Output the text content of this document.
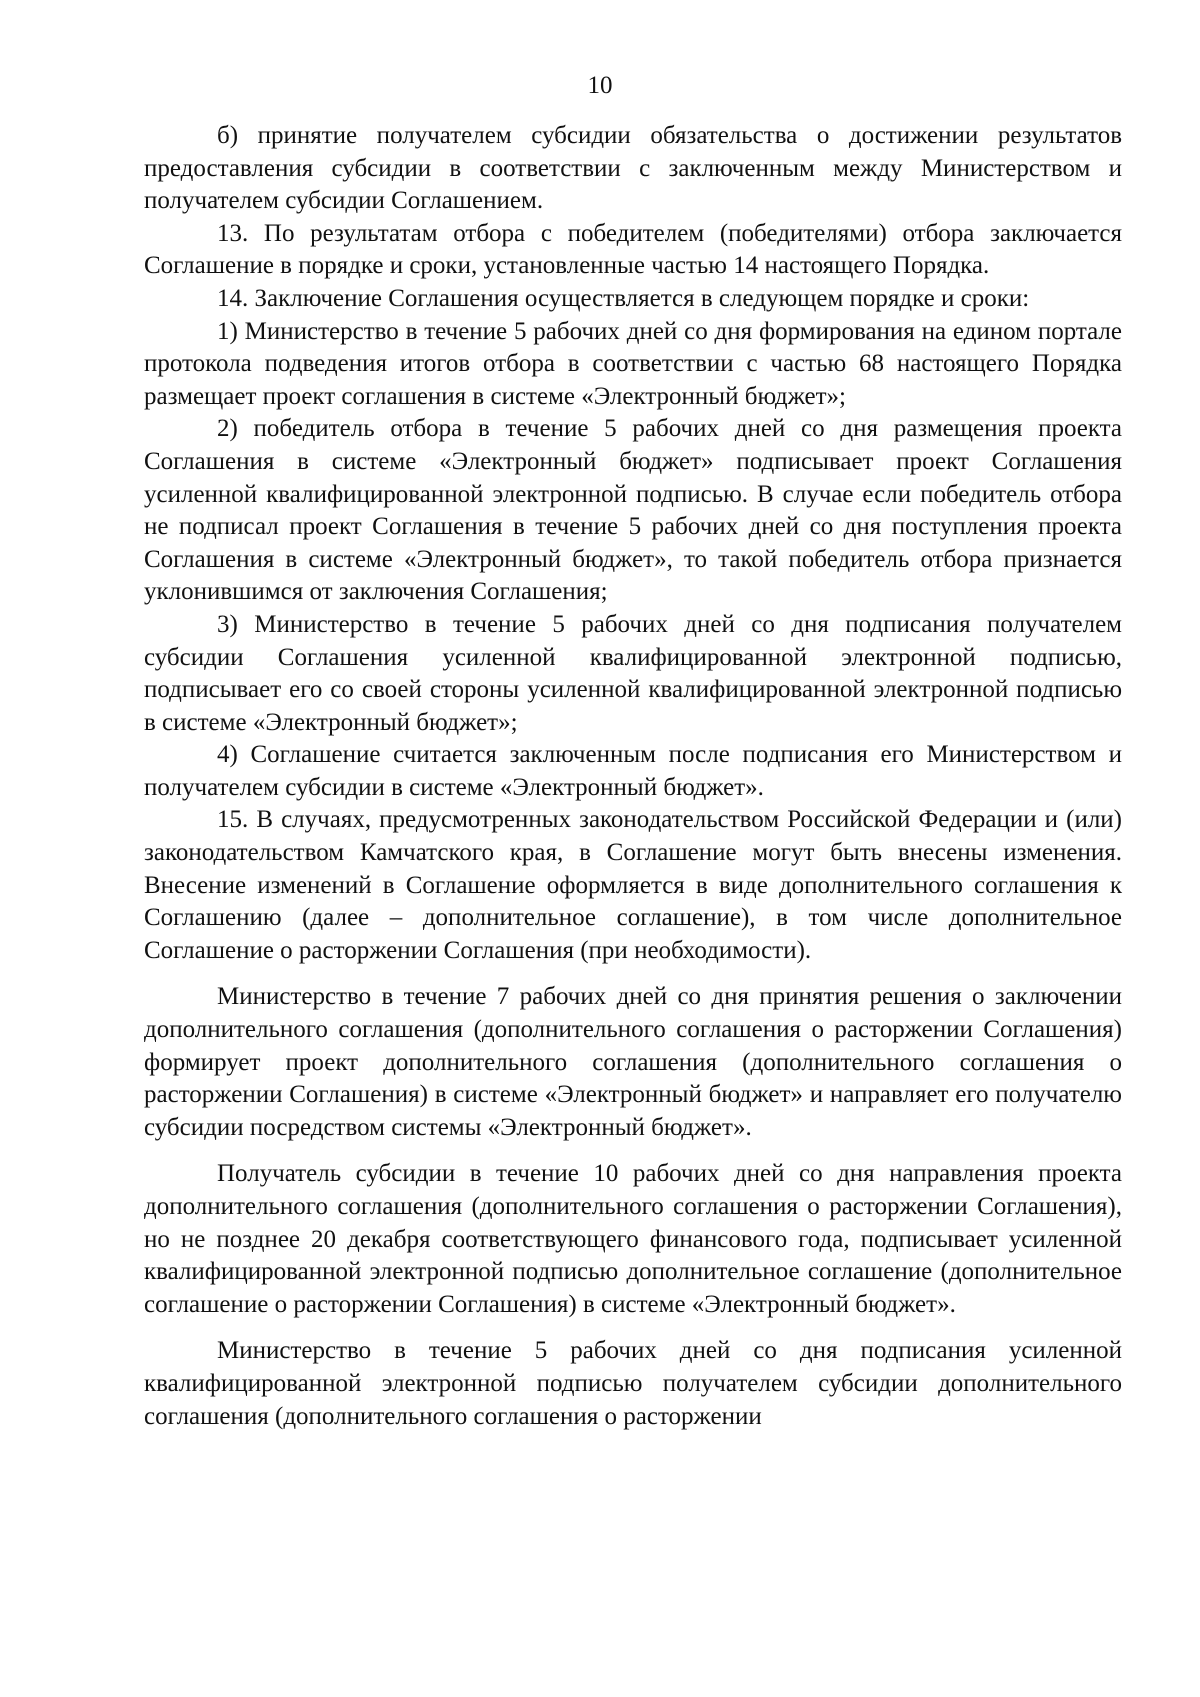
10

б) принятие получателем субсидии обязательства о достижении результатов предоставления субсидии в соответствии с заключенным между Министерством и получателем субсидии Соглашением.

13. По результатам отбора с победителем (победителями) отбора заключается Соглашение в порядке и сроки, установленные частью 14 настоящего Порядка.

14. Заключение Соглашения осуществляется в следующем порядке и сроки:

1) Министерство в течение 5 рабочих дней со дня формирования на едином портале протокола подведения итогов отбора в соответствии с частью 68 настоящего Порядка размещает проект соглашения в системе «Электронный бюджет»;

2) победитель отбора в течение 5 рабочих дней со дня размещения проекта Соглашения в системе «Электронный бюджет» подписывает проект Соглашения усиленной квалифицированной электронной подписью. В случае если победитель отбора не подписал проект Соглашения в течение 5 рабочих дней со дня поступления проекта Соглашения в системе «Электронный бюджет», то такой победитель отбора признается уклонившимся от заключения Соглашения;

3) Министерство в течение 5 рабочих дней со дня подписания получателем субсидии Соглашения усиленной квалифицированной электронной подписью, подписывает его со своей стороны усиленной квалифицированной электронной подписью в системе «Электронный бюджет»;

4) Соглашение считается заключенным после подписания его Министерством и получателем субсидии в системе «Электронный бюджет».

15. В случаях, предусмотренных законодательством Российской Федерации и (или) законодательством Камчатского края, в Соглашение могут быть внесены изменения. Внесение изменений в Соглашение оформляется в виде дополнительного соглашения к Соглашению (далее – дополнительное соглашение), в том числе дополнительное Соглашение о расторжении Соглашения (при необходимости).

Министерство в течение 7 рабочих дней со дня принятия решения о заключении дополнительного соглашения (дополнительного соглашения о расторжении Соглашения) формирует проект дополнительного соглашения (дополнительного соглашения о расторжении Соглашения) в системе «Электронный бюджет» и направляет его получателю субсидии посредством системы «Электронный бюджет».

Получатель субсидии в течение 10 рабочих дней со дня направления проекта дополнительного соглашения (дополнительного соглашения о расторжении Соглашения), но не позднее 20 декабря соответствующего финансового года, подписывает усиленной квалифицированной электронной подписью дополнительное соглашение (дополнительное соглашение о расторжении Соглашения) в системе «Электронный бюджет».

Министерство в течение 5 рабочих дней со дня подписания усиленной квалифицированной электронной подписью получателем субсидии дополнительного соглашения (дополнительного соглашения о расторжении
